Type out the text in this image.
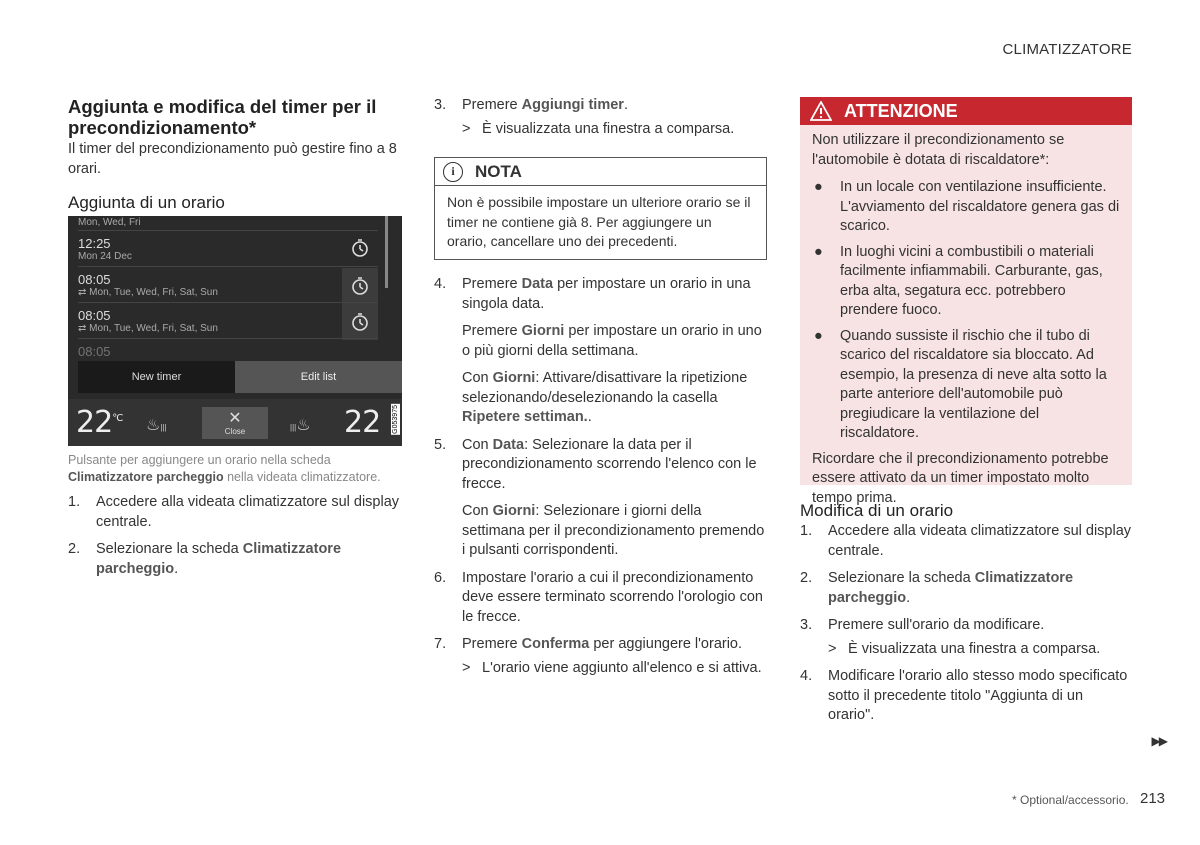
CLIMATIZZATORE
Aggiunta e modifica del timer per il precondizionamento*

Il timer del precondizionamento può gestire fino a 8 orari.

Aggiunta di un orario
Mon, Wed, Fri
12:25
Mon 24 Dec
08:05
⇄ Mon, Tue, Wed, Fri, Sat, Sun
08:05
⇄ Mon, Tue, Wed, Fri, Sat, Sun
08:05
New timer	Edit list
$22^{^\circ C}$ ♨|||
✕
Close	|||♨ 22 G053975
Pulsante per aggiungere un orario nella scheda Climatizzatore parcheggio nella videata climatizzatore.
1. Accedere alla videata climatizzatore sul display centrale.
2. Selezionare la scheda Climatizzatore parcheggio.
3. Premere Aggiungi timer.
> È visualizzata una finestra a comparsa.
i	NOTA
Non è possibile impostare un ulteriore orario se il timer ne contiene già 8. Per aggiungere un orario, cancellare uno dei precedenti.
4. Premere Data per impostare un orario in una singola data.
Premere Giorni per impostare un orario in uno o più giorni della settimana.
Con Giorni: Attivare/disattivare la ripetizione selezionando/deselezionando la casella Ripetere settiman..
5. Con Data: Selezionare la data per il precondizionamento scorrendo l'elenco con le frecce.
Con Giorni: Selezionare i giorni della settimana per il precondizionamento premendo i pulsanti corrispondenti.
6. Impostare l'orario a cui il precondizionamento deve essere terminato scorrendo l'orologio con le frecce.
7. Premere Conferma per aggiungere l'orario.
> L'orario viene aggiunto all'elenco e si attiva.
ATTENZIONE
Non utilizzare il precondizionamento se l'automobile è dotata di riscaldatore*:
● In un locale con ventilazione insufficiente. L'avviamento del riscaldatore genera gas di scarico.
● In luoghi vicini a combustibili o materiali facilmente infiammabili. Carburante, gas, erba alta, segatura ecc. potrebbero prendere fuoco.
● Quando sussiste il rischio che il tubo di scarico del riscaldatore sia bloccato. Ad esempio, la presenza di neve alta sotto la parte anteriore dell'automobile può pregiudicare la ventilazione del riscaldatore.
Ricordare che il precondizionamento potrebbe essere attivato da un timer impostato molto tempo prima.
Modifica di un orario
1. Accedere alla videata climatizzatore sul display centrale.
2. Selezionare la scheda Climatizzatore parcheggio.
3. Premere sull'orario da modificare.
> È visualizzata una finestra a comparsa.
4. Modificare l'orario allo stesso modo specificato sotto il precedente titolo "Aggiunta di un orario".
▶▶
* Optional/accessorio. 213
